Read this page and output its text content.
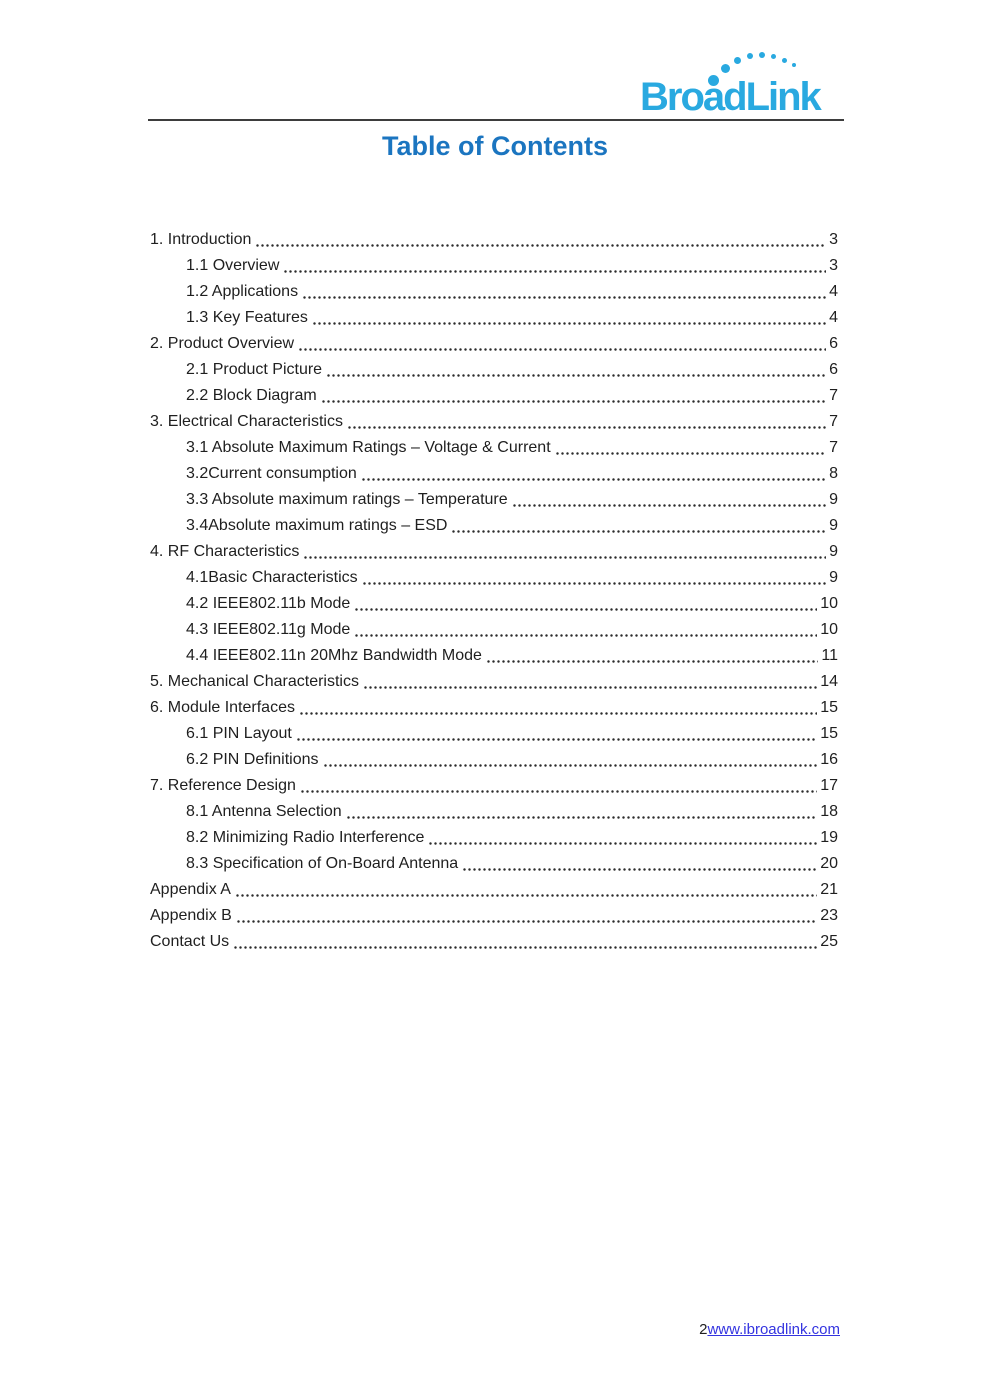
BroadLink
Table of Contents
1. Introduction	3
1.1 Overview	3
1.2 Applications	4
1.3 Key Features	4
2. Product Overview	6
2.1 Product Picture	6
2.2 Block Diagram	7
3. Electrical Characteristics	7
3.1 Absolute Maximum Ratings – Voltage & Current	7
3.2Current consumption	8
3.3 Absolute maximum ratings – Temperature	9
3.4Absolute maximum ratings – ESD	9
4. RF Characteristics	9
4.1Basic Characteristics	9
4.2 IEEE802.11b Mode	10
4.3 IEEE802.11g Mode	10
4.4 IEEE802.11n 20Mhz Bandwidth Mode	11
5. Mechanical Characteristics	14
6. Module Interfaces	15
6.1 PIN Layout	15
6.2 PIN Definitions	16
7. Reference Design	17
8.1 Antenna Selection	18
8.2 Minimizing Radio Interference	19
8.3 Specification of On-Board Antenna	20
Appendix A	21
Appendix B	23
Contact Us	25
2www.ibroadlink.com
